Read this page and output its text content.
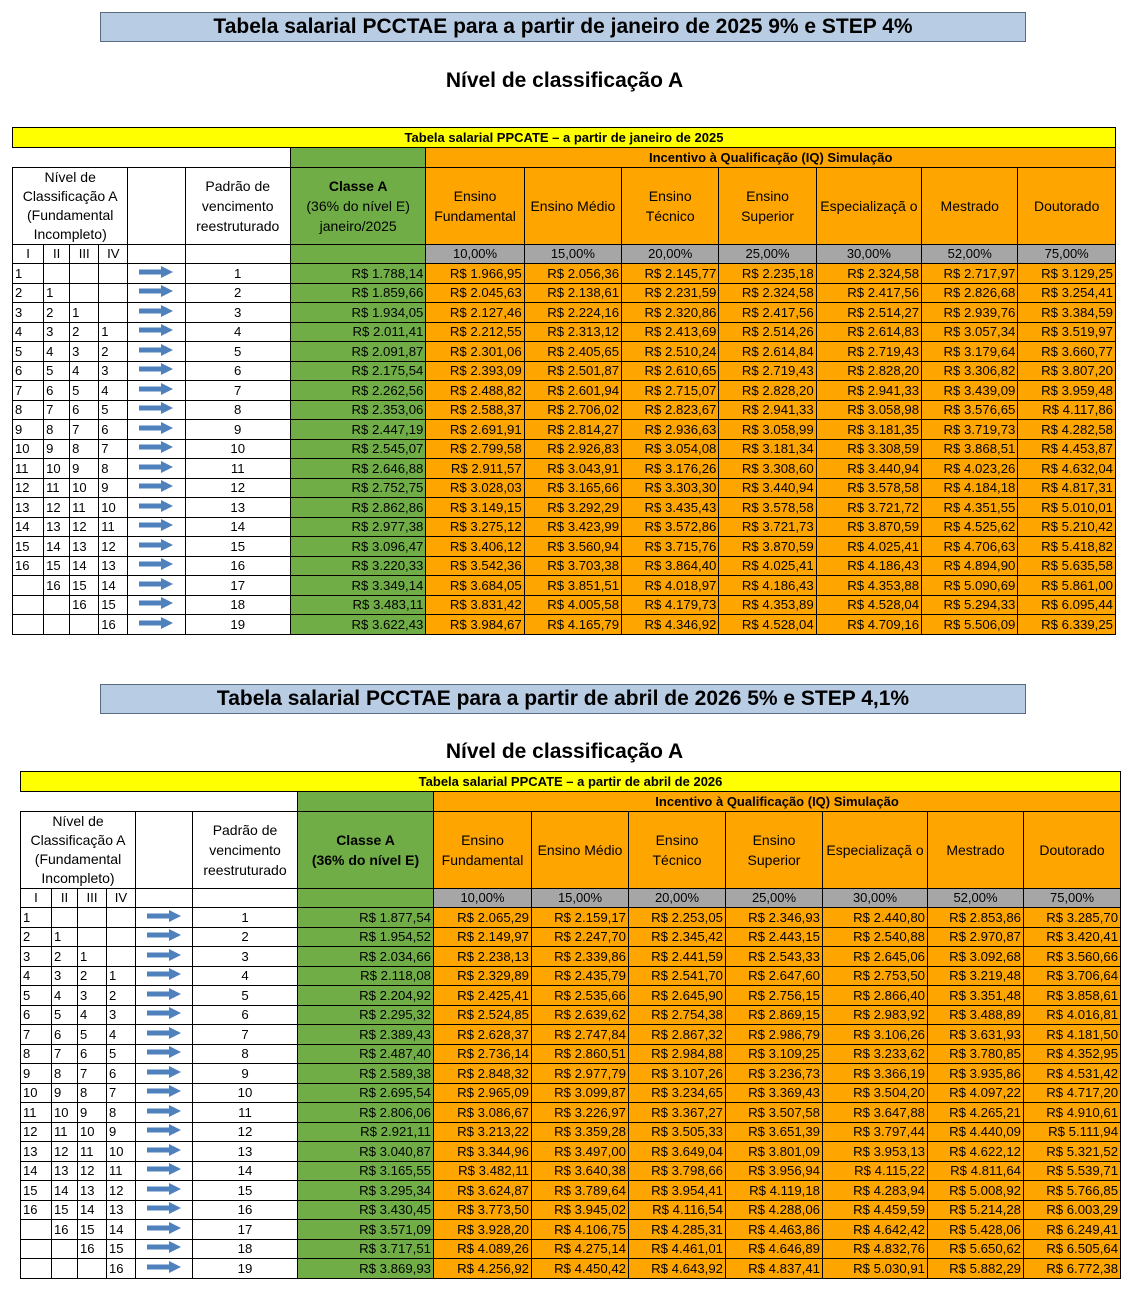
Tabela salarial PCCTAE para a partir de janeiro de 2025 9% e STEP 4%
Nível de classificação A
Tabela salarial PPCATE – a partir de janeiro de 2025													
							Incentivo à Qualificação (IQ) Simulação						
Nível de Classificação A (Fundamental Incompleto)					Padrão de vencimento reestruturado	Classe A
(36% do nível E) janeiro/2025	Ensino Fundamental	Ensino Médio	Ensino Técnico	Ensino Superior	Especializaçã o	Mestrado	Doutorado
I	II	III	IV				10,00%	15,00%	20,00%	25,00%	30,00%	52,00%	75,00%
1					1	R$ 1.788,14	R$ 1.966,95	R$ 2.056,36	R$ 2.145,77	R$ 2.235,18	R$ 2.324,58	R$ 2.717,97	R$ 3.129,25
2	1				2	R$ 1.859,66	R$ 2.045,63	R$ 2.138,61	R$ 2.231,59	R$ 2.324,58	R$ 2.417,56	R$ 2.826,68	R$ 3.254,41
3	2	1			3	R$ 1.934,05	R$ 2.127,46	R$ 2.224,16	R$ 2.320,86	R$ 2.417,56	R$ 2.514,27	R$ 2.939,76	R$ 3.384,59
4	3	2	1		4	R$ 2.011,41	R$ 2.212,55	R$ 2.313,12	R$ 2.413,69	R$ 2.514,26	R$ 2.614,83	R$ 3.057,34	R$ 3.519,97
5	4	3	2		5	R$ 2.091,87	R$ 2.301,06	R$ 2.405,65	R$ 2.510,24	R$ 2.614,84	R$ 2.719,43	R$ 3.179,64	R$ 3.660,77
6	5	4	3		6	R$ 2.175,54	R$ 2.393,09	R$ 2.501,87	R$ 2.610,65	R$ 2.719,43	R$ 2.828,20	R$ 3.306,82	R$ 3.807,20
7	6	5	4		7	R$ 2.262,56	R$ 2.488,82	R$ 2.601,94	R$ 2.715,07	R$ 2.828,20	R$ 2.941,33	R$ 3.439,09	R$ 3.959,48
8	7	6	5		8	R$ 2.353,06	R$ 2.588,37	R$ 2.706,02	R$ 2.823,67	R$ 2.941,33	R$ 3.058,98	R$ 3.576,65	R$ 4.117,86
9	8	7	6		9	R$ 2.447,19	R$ 2.691,91	R$ 2.814,27	R$ 2.936,63	R$ 3.058,99	R$ 3.181,35	R$ 3.719,73	R$ 4.282,58
10	9	8	7		10	R$ 2.545,07	R$ 2.799,58	R$ 2.926,83	R$ 3.054,08	R$ 3.181,34	R$ 3.308,59	R$ 3.868,51	R$ 4.453,87
11	10	9	8		11	R$ 2.646,88	R$ 2.911,57	R$ 3.043,91	R$ 3.176,26	R$ 3.308,60	R$ 3.440,94	R$ 4.023,26	R$ 4.632,04
12	11	10	9		12	R$ 2.752,75	R$ 3.028,03	R$ 3.165,66	R$ 3.303,30	R$ 3.440,94	R$ 3.578,58	R$ 4.184,18	R$ 4.817,31
13	12	11	10		13	R$ 2.862,86	R$ 3.149,15	R$ 3.292,29	R$ 3.435,43	R$ 3.578,58	R$ 3.721,72	R$ 4.351,55	R$ 5.010,01
14	13	12	11		14	R$ 2.977,38	R$ 3.275,12	R$ 3.423,99	R$ 3.572,86	R$ 3.721,73	R$ 3.870,59	R$ 4.525,62	R$ 5.210,42
15	14	13	12		15	R$ 3.096,47	R$ 3.406,12	R$ 3.560,94	R$ 3.715,76	R$ 3.870,59	R$ 4.025,41	R$ 4.706,63	R$ 5.418,82
16	15	14	13		16	R$ 3.220,33	R$ 3.542,36	R$ 3.703,38	R$ 3.864,40	R$ 4.025,41	R$ 4.186,43	R$ 4.894,90	R$ 5.635,58
	16	15	14		17	R$ 3.349,14	R$ 3.684,05	R$ 3.851,51	R$ 4.018,97	R$ 4.186,43	R$ 4.353,88	R$ 5.090,69	R$ 5.861,00
		16	15		18	R$ 3.483,11	R$ 3.831,42	R$ 4.005,58	R$ 4.179,73	R$ 4.353,89	R$ 4.528,04	R$ 5.294,33	R$ 6.095,44
			16		19	R$ 3.622,43	R$ 3.984,67	R$ 4.165,79	R$ 4.346,92	R$ 4.528,04	R$ 4.709,16	R$ 5.506,09	R$ 6.339,25
Tabela salarial PCCTAE para a partir de abril de 2026 5% e STEP 4,1%
Nível de classificação A
Tabela salarial PPCATE – a partir de abril de 2026													
							Incentivo à Qualificação (IQ) Simulação						
Nível de Classificação A (Fundamental Incompleto)					Padrão de vencimento reestruturado	Classe A
(36% do nível E)	Ensino Fundamental	Ensino Médio	Ensino Técnico	Ensino Superior	Especializaçã o	Mestrado	Doutorado
I	II	III	IV				10,00%	15,00%	20,00%	25,00%	30,00%	52,00%	75,00%
1					1	R$ 1.877,54	R$ 2.065,29	R$ 2.159,17	R$ 2.253,05	R$ 2.346,93	R$ 2.440,80	R$ 2.853,86	R$ 3.285,70
2	1				2	R$ 1.954,52	R$ 2.149,97	R$ 2.247,70	R$ 2.345,42	R$ 2.443,15	R$ 2.540,88	R$ 2.970,87	R$ 3.420,41
3	2	1			3	R$ 2.034,66	R$ 2.238,13	R$ 2.339,86	R$ 2.441,59	R$ 2.543,33	R$ 2.645,06	R$ 3.092,68	R$ 3.560,66
4	3	2	1		4	R$ 2.118,08	R$ 2.329,89	R$ 2.435,79	R$ 2.541,70	R$ 2.647,60	R$ 2.753,50	R$ 3.219,48	R$ 3.706,64
5	4	3	2		5	R$ 2.204,92	R$ 2.425,41	R$ 2.535,66	R$ 2.645,90	R$ 2.756,15	R$ 2.866,40	R$ 3.351,48	R$ 3.858,61
6	5	4	3		6	R$ 2.295,32	R$ 2.524,85	R$ 2.639,62	R$ 2.754,38	R$ 2.869,15	R$ 2.983,92	R$ 3.488,89	R$ 4.016,81
7	6	5	4		7	R$ 2.389,43	R$ 2.628,37	R$ 2.747,84	R$ 2.867,32	R$ 2.986,79	R$ 3.106,26	R$ 3.631,93	R$ 4.181,50
8	7	6	5		8	R$ 2.487,40	R$ 2.736,14	R$ 2.860,51	R$ 2.984,88	R$ 3.109,25	R$ 3.233,62	R$ 3.780,85	R$ 4.352,95
9	8	7	6		9	R$ 2.589,38	R$ 2.848,32	R$ 2.977,79	R$ 3.107,26	R$ 3.236,73	R$ 3.366,19	R$ 3.935,86	R$ 4.531,42
10	9	8	7		10	R$ 2.695,54	R$ 2.965,09	R$ 3.099,87	R$ 3.234,65	R$ 3.369,43	R$ 3.504,20	R$ 4.097,22	R$ 4.717,20
11	10	9	8		11	R$ 2.806,06	R$ 3.086,67	R$ 3.226,97	R$ 3.367,27	R$ 3.507,58	R$ 3.647,88	R$ 4.265,21	R$ 4.910,61
12	11	10	9		12	R$ 2.921,11	R$ 3.213,22	R$ 3.359,28	R$ 3.505,33	R$ 3.651,39	R$ 3.797,44	R$ 4.440,09	R$ 5.111,94
13	12	11	10		13	R$ 3.040,87	R$ 3.344,96	R$ 3.497,00	R$ 3.649,04	R$ 3.801,09	R$ 3.953,13	R$ 4.622,12	R$ 5.321,52
14	13	12	11		14	R$ 3.165,55	R$ 3.482,11	R$ 3.640,38	R$ 3.798,66	R$ 3.956,94	R$ 4.115,22	R$ 4.811,64	R$ 5.539,71
15	14	13	12		15	R$ 3.295,34	R$ 3.624,87	R$ 3.789,64	R$ 3.954,41	R$ 4.119,18	R$ 4.283,94	R$ 5.008,92	R$ 5.766,85
16	15	14	13		16	R$ 3.430,45	R$ 3.773,50	R$ 3.945,02	R$ 4.116,54	R$ 4.288,06	R$ 4.459,59	R$ 5.214,28	R$ 6.003,29
	16	15	14		17	R$ 3.571,09	R$ 3.928,20	R$ 4.106,75	R$ 4.285,31	R$ 4.463,86	R$ 4.642,42	R$ 5.428,06	R$ 6.249,41
		16	15		18	R$ 3.717,51	R$ 4.089,26	R$ 4.275,14	R$ 4.461,01	R$ 4.646,89	R$ 4.832,76	R$ 5.650,62	R$ 6.505,64
			16		19	R$ 3.869,93	R$ 4.256,92	R$ 4.450,42	R$ 4.643,92	R$ 4.837,41	R$ 5.030,91	R$ 5.882,29	R$ 6.772,38
